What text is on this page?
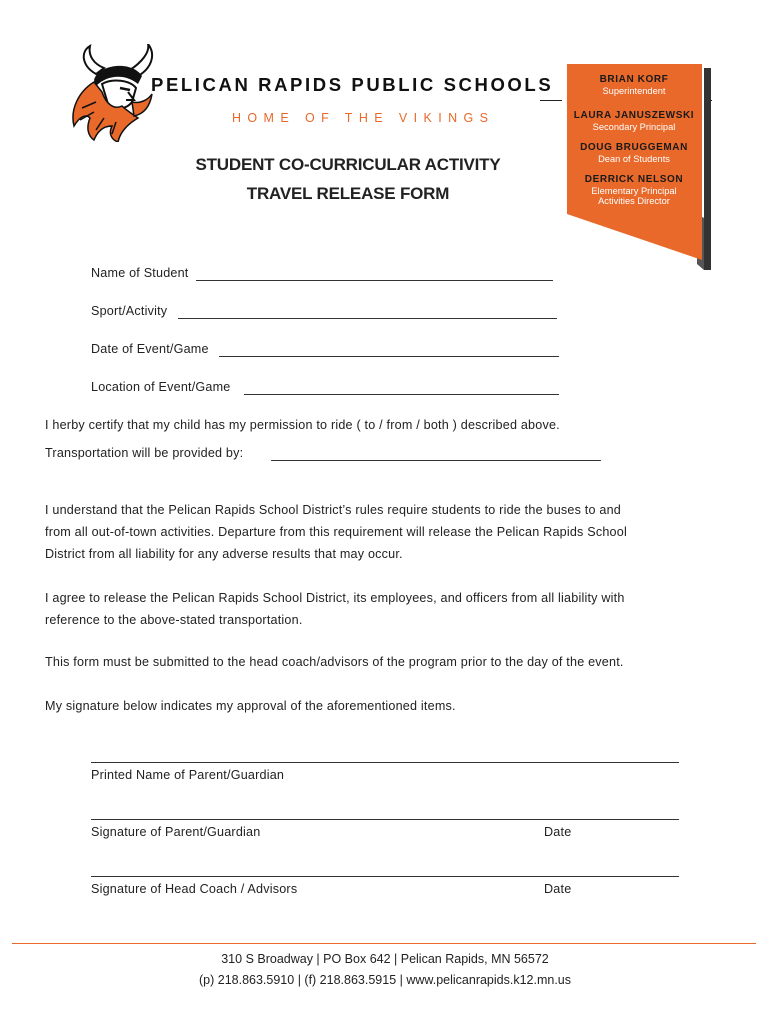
PELICAN RAPIDS PUBLIC SCHOOLS
HOME OF THE VIKINGS
BRIAN KORF
Superintendent
LAURA JANUSZEWSKI
Secondary Principal
DOUG BRUGGEMAN
Dean of Students
DERRICK NELSON
Elementary Principal
Activities Director
STUDENT CO-CURRICULAR ACTIVITY
TRAVEL RELEASE FORM
Name of Student
Sport/Activity
Date of Event/Game
Location of Event/Game
I herby certify that my child has my permission to ride ( to / from / both ) described above.
Transportation will be provided by:
I understand that the Pelican Rapids School District’s rules require students to ride the buses to and
from all out-of-town activities. Departure from this requirement will release the Pelican Rapids School
District from all liability for any adverse results that may occur.
I agree to release the Pelican Rapids School District, its employees, and officers from all liability with
reference to the above-stated transportation.
This form must be submitted to the head coach/advisors of the program prior to the day of the event.
My signature below indicates my approval of the aforementioned items.
Printed Name of Parent/Guardian
Signature of Parent/Guardian	Date
Signature of Head Coach / Advisors	Date
310 S Broadway | PO Box 642 | Pelican Rapids, MN 56572
(p) 218.863.5910 | (f) 218.863.5915 | www.pelicanrapids.k12.mn.us
